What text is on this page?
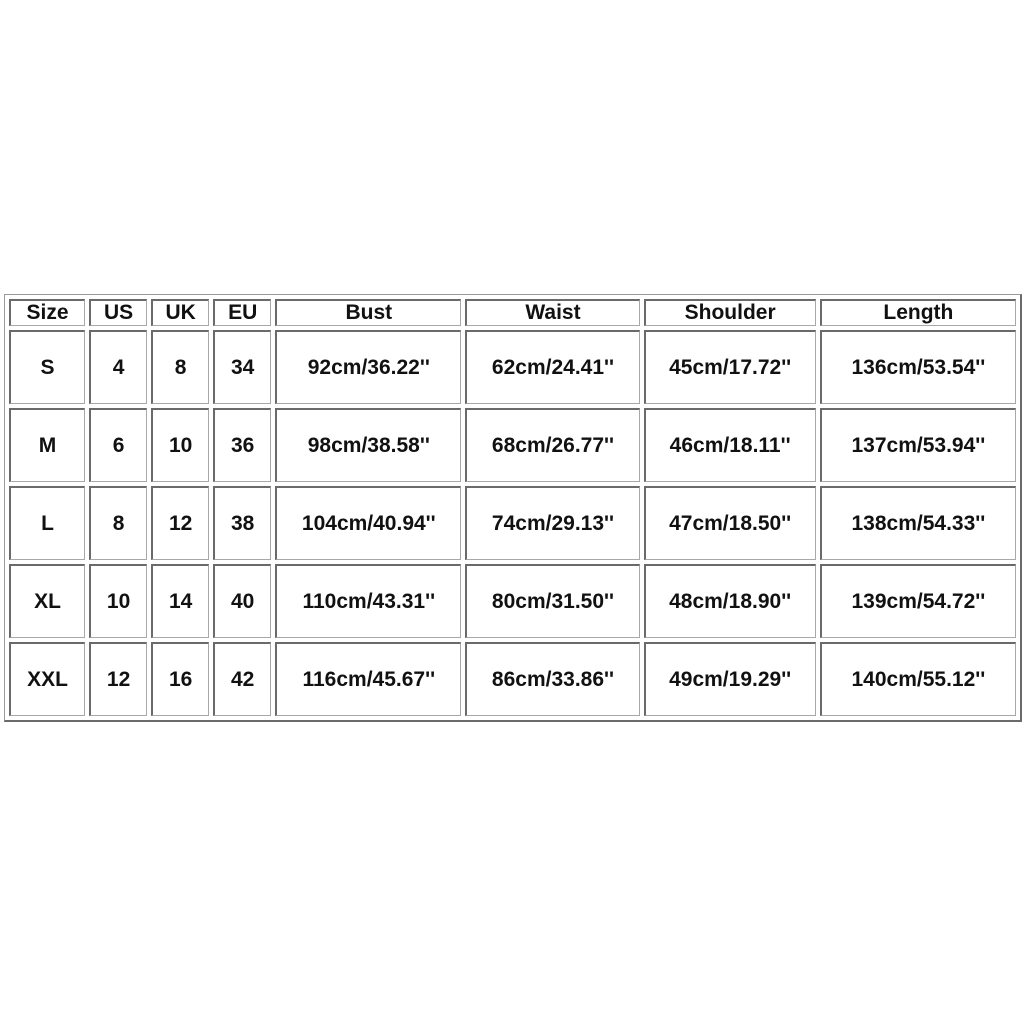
Size	US	UK	EU	Bust	Waist	Shoulder	Length
S	4	8	34	92cm/36.22''	62cm/24.41''	45cm/17.72''	136cm/53.54''
M	6	10	36	98cm/38.58''	68cm/26.77''	46cm/18.11''	137cm/53.94''
L	8	12	38	104cm/40.94''	74cm/29.13''	47cm/18.50''	138cm/54.33''
XL	10	14	40	110cm/43.31''	80cm/31.50''	48cm/18.90''	139cm/54.72''
XXL	12	16	42	116cm/45.67''	86cm/33.86''	49cm/19.29''	140cm/55.12''
